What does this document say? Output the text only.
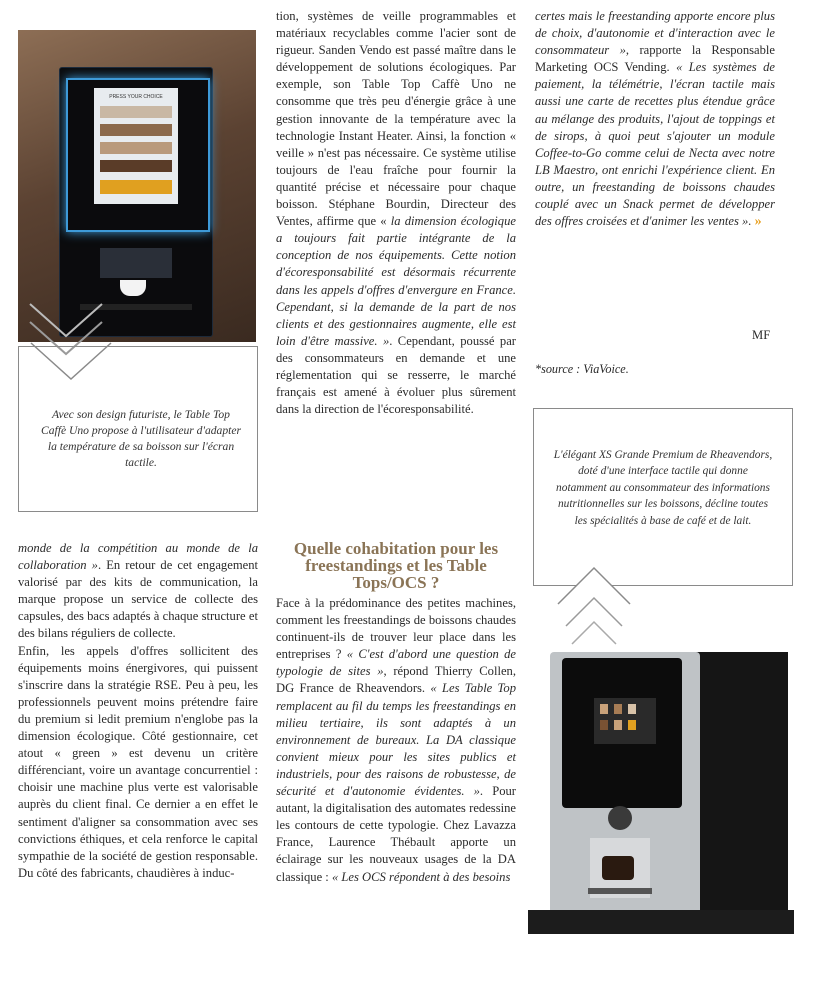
PRESS YOUR CHOICE
Avec son design futuriste, le Table Top Caffè Uno propose à l'utilisateur d'adapter la température de sa boisson sur l'écran tactile.

tion, systèmes de veille programmables et matériaux recyclables comme l'acier sont de rigueur. Sanden Vendo est passé maître dans le développement de solutions écologiques. Par exemple, son Table Top Caffè Uno ne consomme que très peu d'énergie grâce à une gestion innovante de la température avec la technologie Instant Heater. Ainsi, la fonction « veille » n'est pas nécessaire. Ce système utilise toujours de l'eau fraîche pour fournir la quantité précise et nécessaire pour chaque boisson. Stéphane Bourdin, Directeur des Ventes, affirme que « la dimension écologique a toujours fait partie intégrante de la conception de nos équipements. Cette notion d'écoresponsabilité est désormais récurrente dans les appels d'offres d'envergure en France. Cependant, si la demande de la part de nos clients et des gestionnaires augmente, elle est loin d'être massive. ». Cependant, poussé par des consommateurs en demande et une réglementation qui se resserre, le marché français est amené à évoluer plus sûrement dans la direction de l'écoresponsabilité.

certes mais le freestanding apporte encore plus de choix, d'autonomie et d'interaction avec le consommateur », rapporte la Responsable Marketing OCS Vending. « Les systèmes de paiement, la télémétrie, l'écran tactile mais aussi une carte de recettes plus étendue grâce au mélange des produits, l'ajout de toppings et de sirops, à quoi peut s'ajouter un module Coffee-to-Go comme celui de Necta avec notre LB Maestro, ont enrichi l'expérience client. En outre, un freestanding de boissons chaudes couplé avec un Snack permet de développer des offres croisées et d'animer les ventes ». »

MF
*source : ViaVoice.
L'élégant XS Grande Premium de Rheavendors, doté d'une interface tactile qui donne notamment au consommateur des informations nutritionnelles sur les boissons, décline toutes les spécialités à base de café et de lait.

monde de la compétition au monde de la collaboration ». En retour de cet engagement valorisé par des kits de communication, la marque propose un service de collecte des capsules, des bacs adaptés à chaque structure et des bilans réguliers de collecte.

Enfin, les appels d'offres sollicitent des équipements moins énergivores, qui puissent s'inscrire dans la stratégie RSE. Peu à peu, les professionnels peuvent moins prétendre faire du premium si ledit premium n'englobe pas la dimension écologique. Côté gestionnaire, cet atout « green » est devenu un critère différenciant, voire un avantage concurrentiel : choisir une machine plus verte est valorisable auprès du client final. Ce dernier a en effet le sentiment d'aligner sa consommation avec ses convictions éthiques, et cela renforce le capital sympathie de la société de gestion responsable. Du côté des fabricants, chaudières à induc-

Quelle cohabitation pour les freestandings et les Table Tops/OCS ?

Face à la prédominance des petites machines, comment les freestandings de boissons chaudes continuent-ils de trouver leur place dans les entreprises ? « C'est d'abord une question de typologie de sites », répond Thierry Collen, DG France de Rheavendors. « Les Table Top remplacent au fil du temps les freestandings en milieu tertiaire, ils sont adaptés à un environnement de bureaux. La DA classique convient mieux pour les sites publics et industriels, pour des raisons de robustesse, de sécurité et d'autonomie évidentes. ». Pour autant, la digitalisation des automates redessine les contours de cette typologie. Chez Lavazza France, Laurence Thébault apporte un éclairage sur les nouveaux usages de la DA classique : « Les OCS répondent à des besoins
